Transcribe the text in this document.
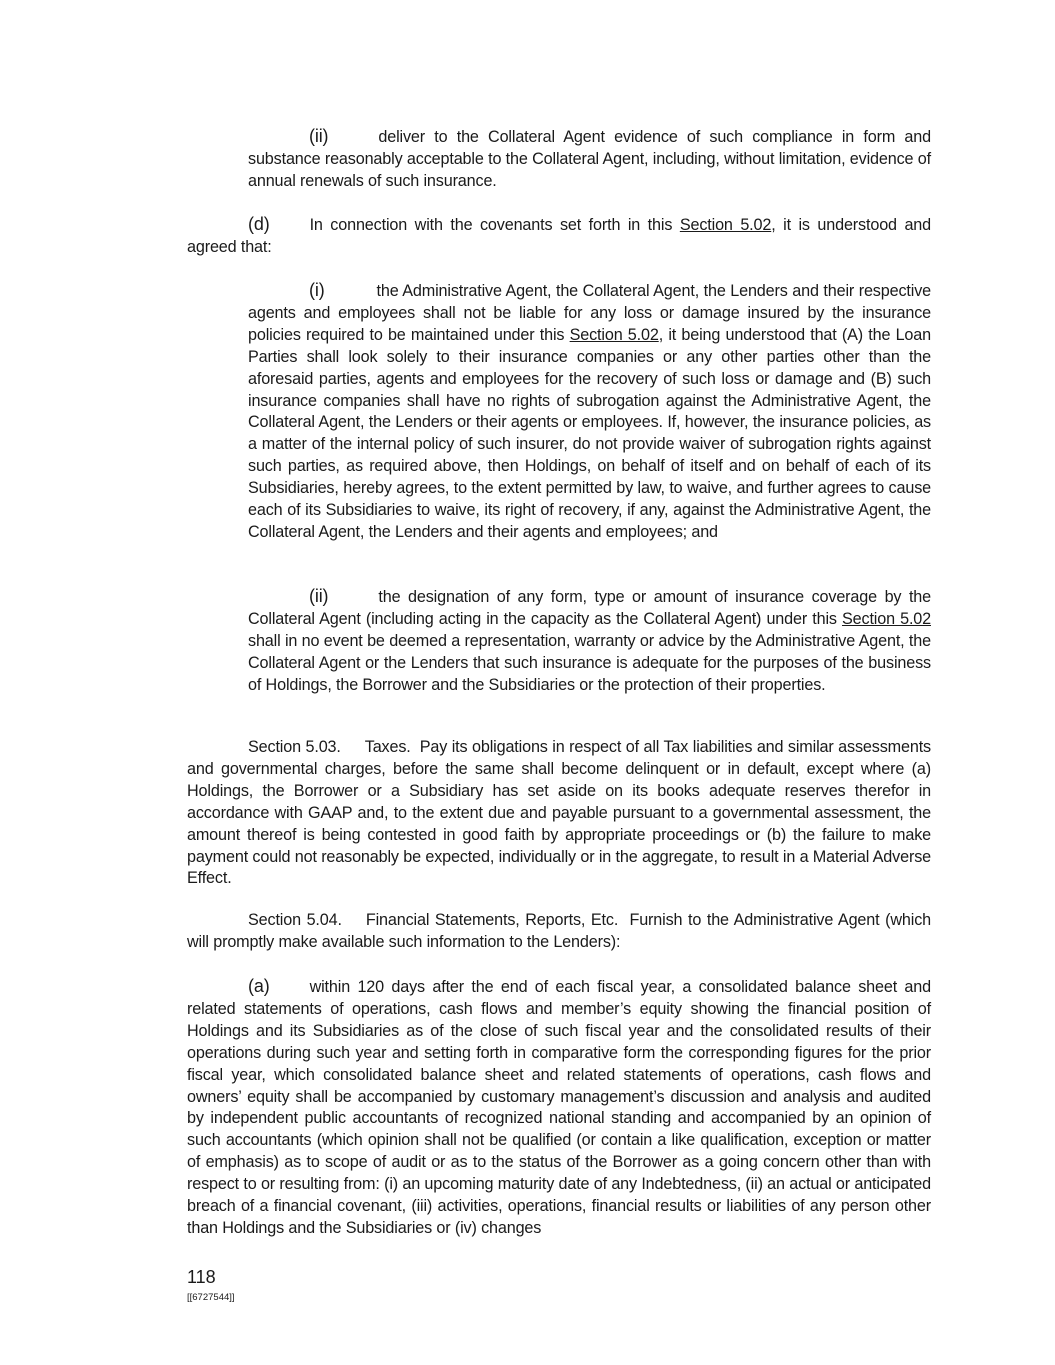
(ii)	deliver to the Collateral Agent evidence of such compliance in form and substance reasonably acceptable to the Collateral Agent, including, without limitation, evidence of annual renewals of such insurance.

(d) In connection with the covenants set forth in this Section 5.02, it is understood and agreed that:

(i)	the Administrative Agent, the Collateral Agent, the Lenders and their respective agents and employees shall not be liable for any loss or damage insured by the insurance policies required to be maintained under this Section 5.02, it being understood that (A) the Loan Parties shall look solely to their insurance companies or any other parties other than the aforesaid parties, agents and employees for the recovery of such loss or damage and (B) such insurance companies shall have no rights of subrogation against the Administrative Agent, the Collateral Agent, the Lenders or their agents or employees. If, however, the insurance policies, as a matter of the internal policy of such insurer, do not provide waiver of subrogation rights against such parties, as required above, then Holdings, on behalf of itself and on behalf of each of its Subsidiaries, hereby agrees, to the extent permitted by law, to waive, and further agrees to cause each of its Subsidiaries to waive, its right of recovery, if any, against the Administrative Agent, the Collateral Agent, the Lenders and their agents and employees; and

(ii)	the designation of any form, type or amount of insurance coverage by the Collateral Agent (including acting in the capacity as the Collateral Agent) under this Section 5.02 shall in no event be deemed a representation, warranty or advice by the Administrative Agent, the Collateral Agent or the Lenders that such insurance is adequate for the purposes of the business of Holdings, the Borrower and the Subsidiaries or the protection of their properties.

Section 5.03. Taxes. Pay its obligations in respect of all Tax liabilities and similar assessments and governmental charges, before the same shall become delinquent or in default, except where (a) Holdings, the Borrower or a Subsidiary has set aside on its books adequate reserves therefor in accordance with GAAP and, to the extent due and payable pursuant to a governmental assessment, the amount thereof is being contested in good faith by appropriate proceedings or (b) the failure to make payment could not reasonably be expected, individually or in the aggregate, to result in a Material Adverse Effect.

Section 5.04. Financial Statements, Reports, Etc. Furnish to the Administrative Agent (which will promptly make available such information to the Lenders):

(a) within 120 days after the end of each fiscal year, a consolidated balance sheet and related statements of operations, cash flows and member’s equity showing the financial position of Holdings and its Subsidiaries as of the close of such fiscal year and the consolidated results of their operations during such year and setting forth in comparative form the corresponding figures for the prior fiscal year, which consolidated balance sheet and related statements of operations, cash flows and owners’ equity shall be accompanied by customary management’s discussion and analysis and audited by independent public accountants of recognized national standing and accompanied by an opinion of such accountants (which opinion shall not be qualified (or contain a like qualification, exception or matter of emphasis) as to scope of audit or as to the status of the Borrower as a going concern other than with respect to or resulting from: (i) an upcoming maturity date of any Indebtedness, (ii) an actual or anticipated breach of a financial covenant, (iii) activities, operations, financial results or liabilities of any person other than Holdings and the Subsidiaries or (iv) changes

118

[[6727544]]
